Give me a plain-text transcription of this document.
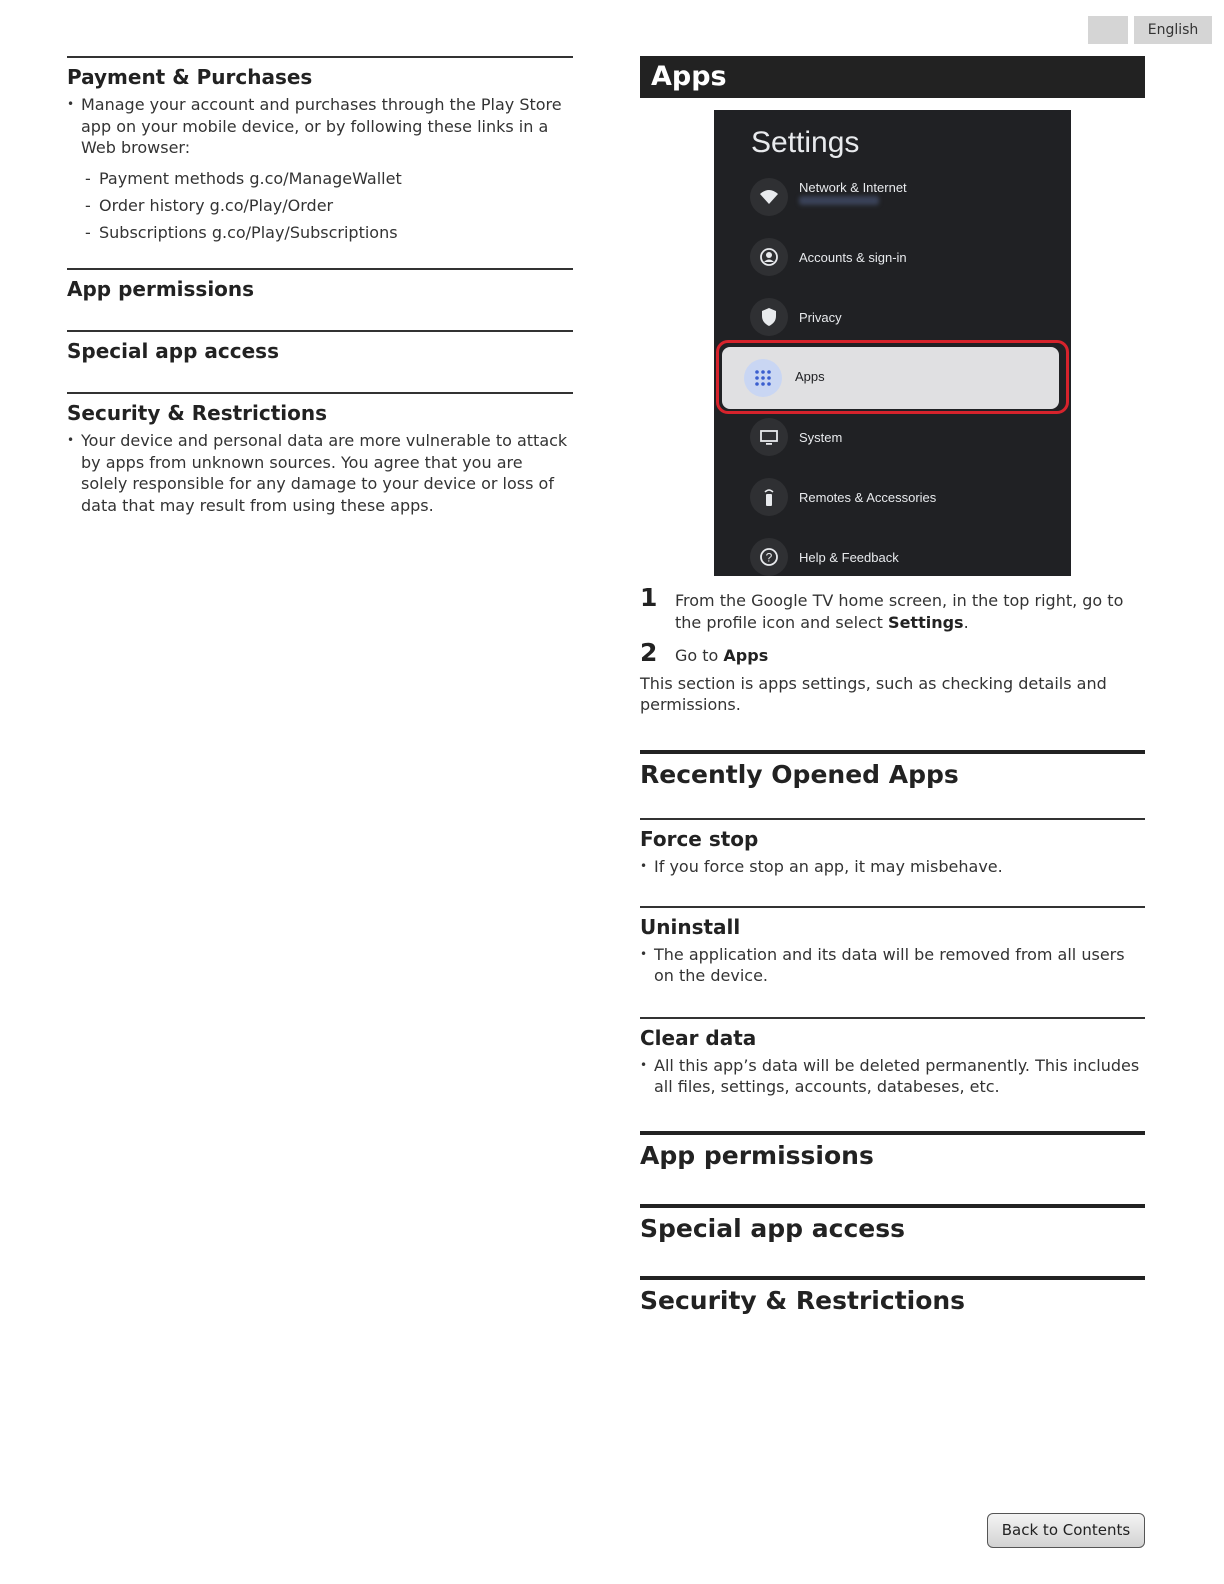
English
Payment & Purchases
• Manage your account and purchases through the Play Store app on your mobile device, or by following these links in a Web browser:
- Payment methods g.co/ManageWallet
- Order history g.co/Play/Order
- Subscriptions g.co/Play/Subscriptions
App permissions
Special app access
Security & Restrictions
• Your device and personal data are more vulnerable to attack by apps from unknown sources. You agree that you are solely responsible for any damage to your device or loss of data that may result from using these apps.
Apps
Settings
Network & Internet
Accounts & sign-in
Privacy
Apps
System
Remotes & Accessories
? Help & Feedback
1 From the Google TV home screen, in the top right, go to the profile icon and select Settings.
2 Go to Apps
This section is apps settings, such as checking details and permissions.
Recently Opened Apps
Force stop
• If you force stop an app, it may misbehave.
Uninstall
• The application and its data will be removed from all users on the device.
Clear data
• All this app’s data will be deleted permanently. This includes all files, settings, accounts, databeses, etc.
App permissions
Special app access
Security & Restrictions
Back to Contents
